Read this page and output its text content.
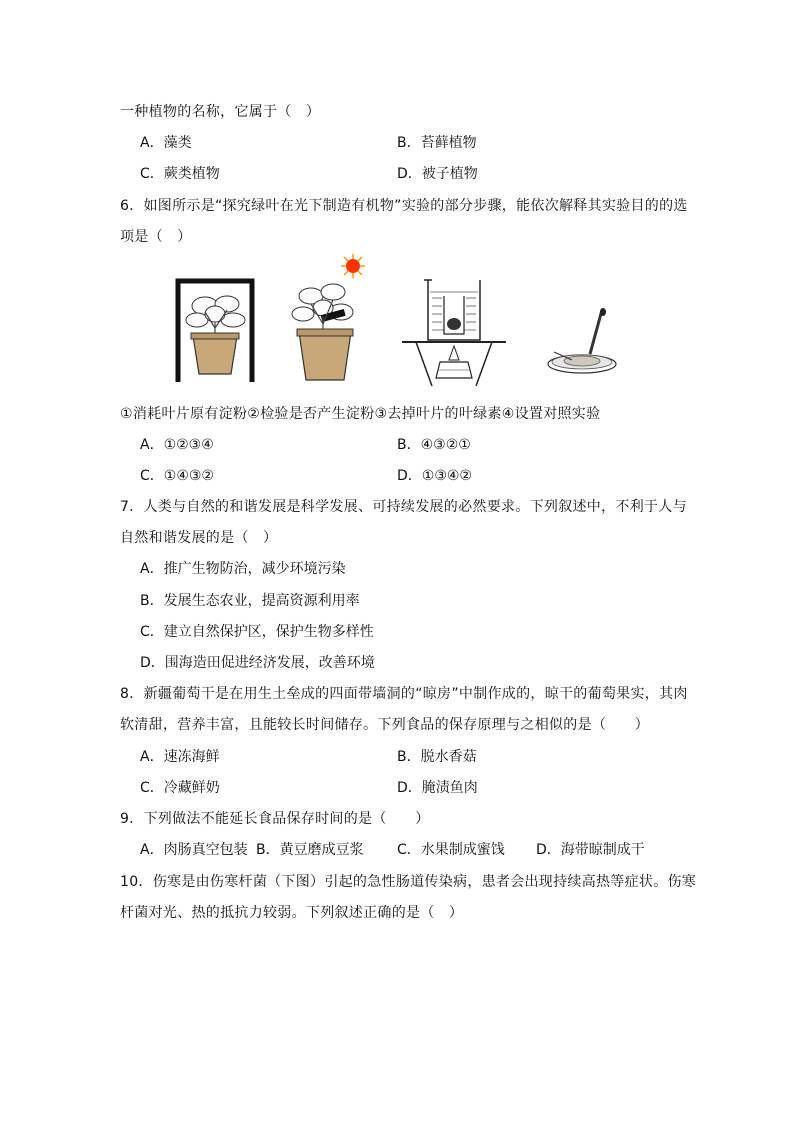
一种植物的名称，它属于（　）
A．藻类	B．苔藓植物
C．蕨类植物	D．被子植物
6．如图所示是“探究绿叶在光下制造有机物”实验的部分步骤，能依次解释其实验目的的选
项是（　）
①消耗叶片原有淀粉②检验是否产生淀粉③去掉叶片的叶绿素④设置对照实验
A．①②③④	B．④③②①
C．①④③②	D．①③④②
7．人类与自然的和谐发展是科学发展、可持续发展的必然要求。下列叙述中，不利于人与
自然和谐发展的是（　）
A．推广生物防治，减少环境污染
B．发展生态农业，提高资源利用率
C．建立自然保护区，保护生物多样性
D．围海造田促进经济发展，改善环境
8．新疆葡萄干是在用生土垒成的四面带墙洞的“晾房”中制作成的，晾干的葡萄果实，其肉
软清甜，营养丰富，且能较长时间储存。下列食品的保存原理与之相似的是（　　）
A．速冻海鲜	B．脱水香菇
C．冷藏鲜奶	D．腌渍鱼肉
9．下列做法不能延长食品保存时间的是（　　）
A．肉肠真空包装 B．黄豆磨成豆浆 C．水果制成蜜饯 D．海带晾制成干
10．伤寒是由伤寒杆菌（下图）引起的急性肠道传染病，患者会出现持续高热等症状。伤寒
杆菌对光、热的抵抗力较弱。下列叙述正确的是（　）
